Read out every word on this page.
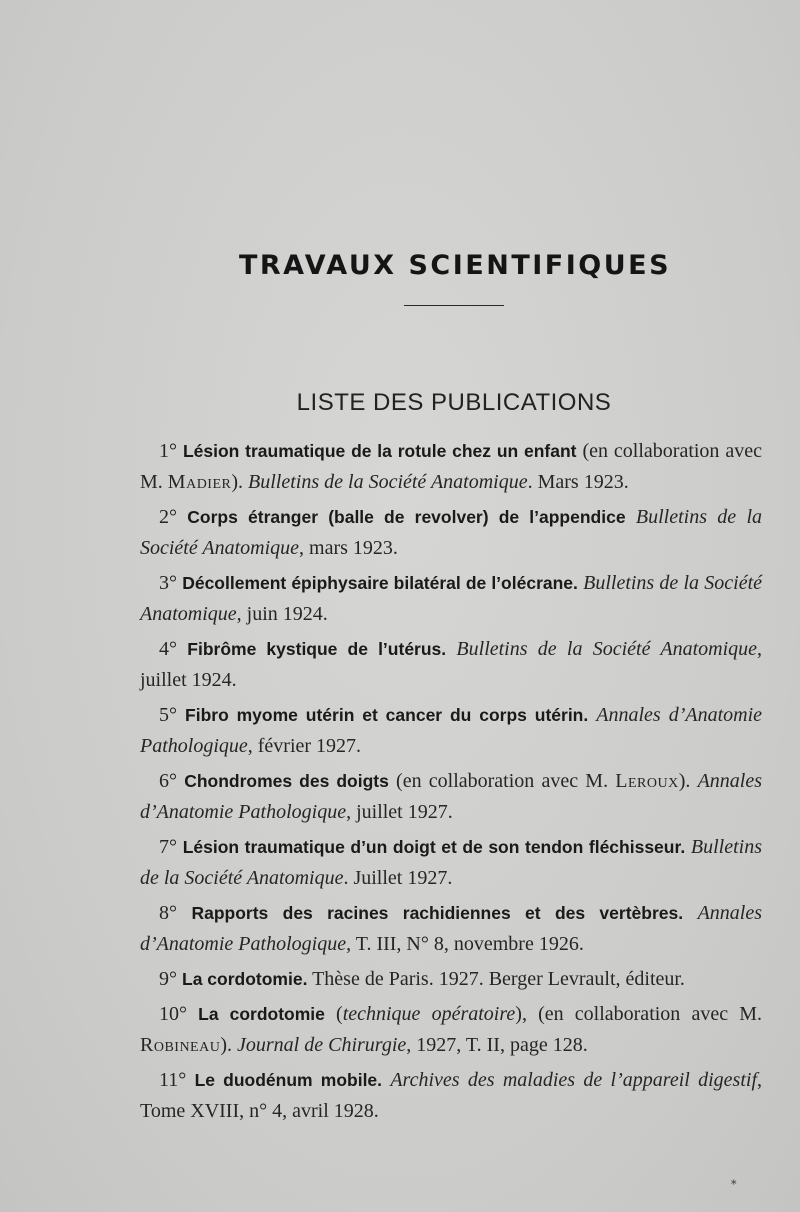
TRAVAUX SCIENTIFIQUES
LISTE DES PUBLICATIONS
1° Lésion traumatique de la rotule chez un enfant (en collaboration avec M. Madier). Bulletins de la Société Anatomique. Mars 1923.
2° Corps étranger (balle de revolver) de l’appendice Bulletins de la Société Anatomique, mars 1923.
3° Décollement épiphysaire bilatéral de l’olécrane. Bulletins de la Société Anatomique, juin 1924.
4° Fibrôme kystique de l’utérus. Bulletins de la Société Anatomique, juillet 1924.
5° Fibro myome utérin et cancer du corps utérin. Annales d’Anatomie Pathologique, février 1927.
6° Chondromes des doigts (en collaboration avec M. Leroux). Annales d’Anatomie Pathologique, juillet 1927.
7° Lésion traumatique d’un doigt et de son tendon fléchisseur. Bulletins de la Société Anatomique. Juillet 1927.
8° Rapports des racines rachidiennes et des vertèbres. Annales d’Anatomie Pathologique, T. III, N° 8, novembre 1926.
9° La cordotomie. Thèse de Paris. 1927. Berger Levrault, éditeur.
10° La cordotomie (technique opératoire), (en collaboration avec M. Robineau). Journal de Chirurgie, 1927, T. II, page 128.
11° Le duodénum mobile. Archives des maladies de l’appareil digestif, Tome XVIII, n° 4, avril 1928.
*
